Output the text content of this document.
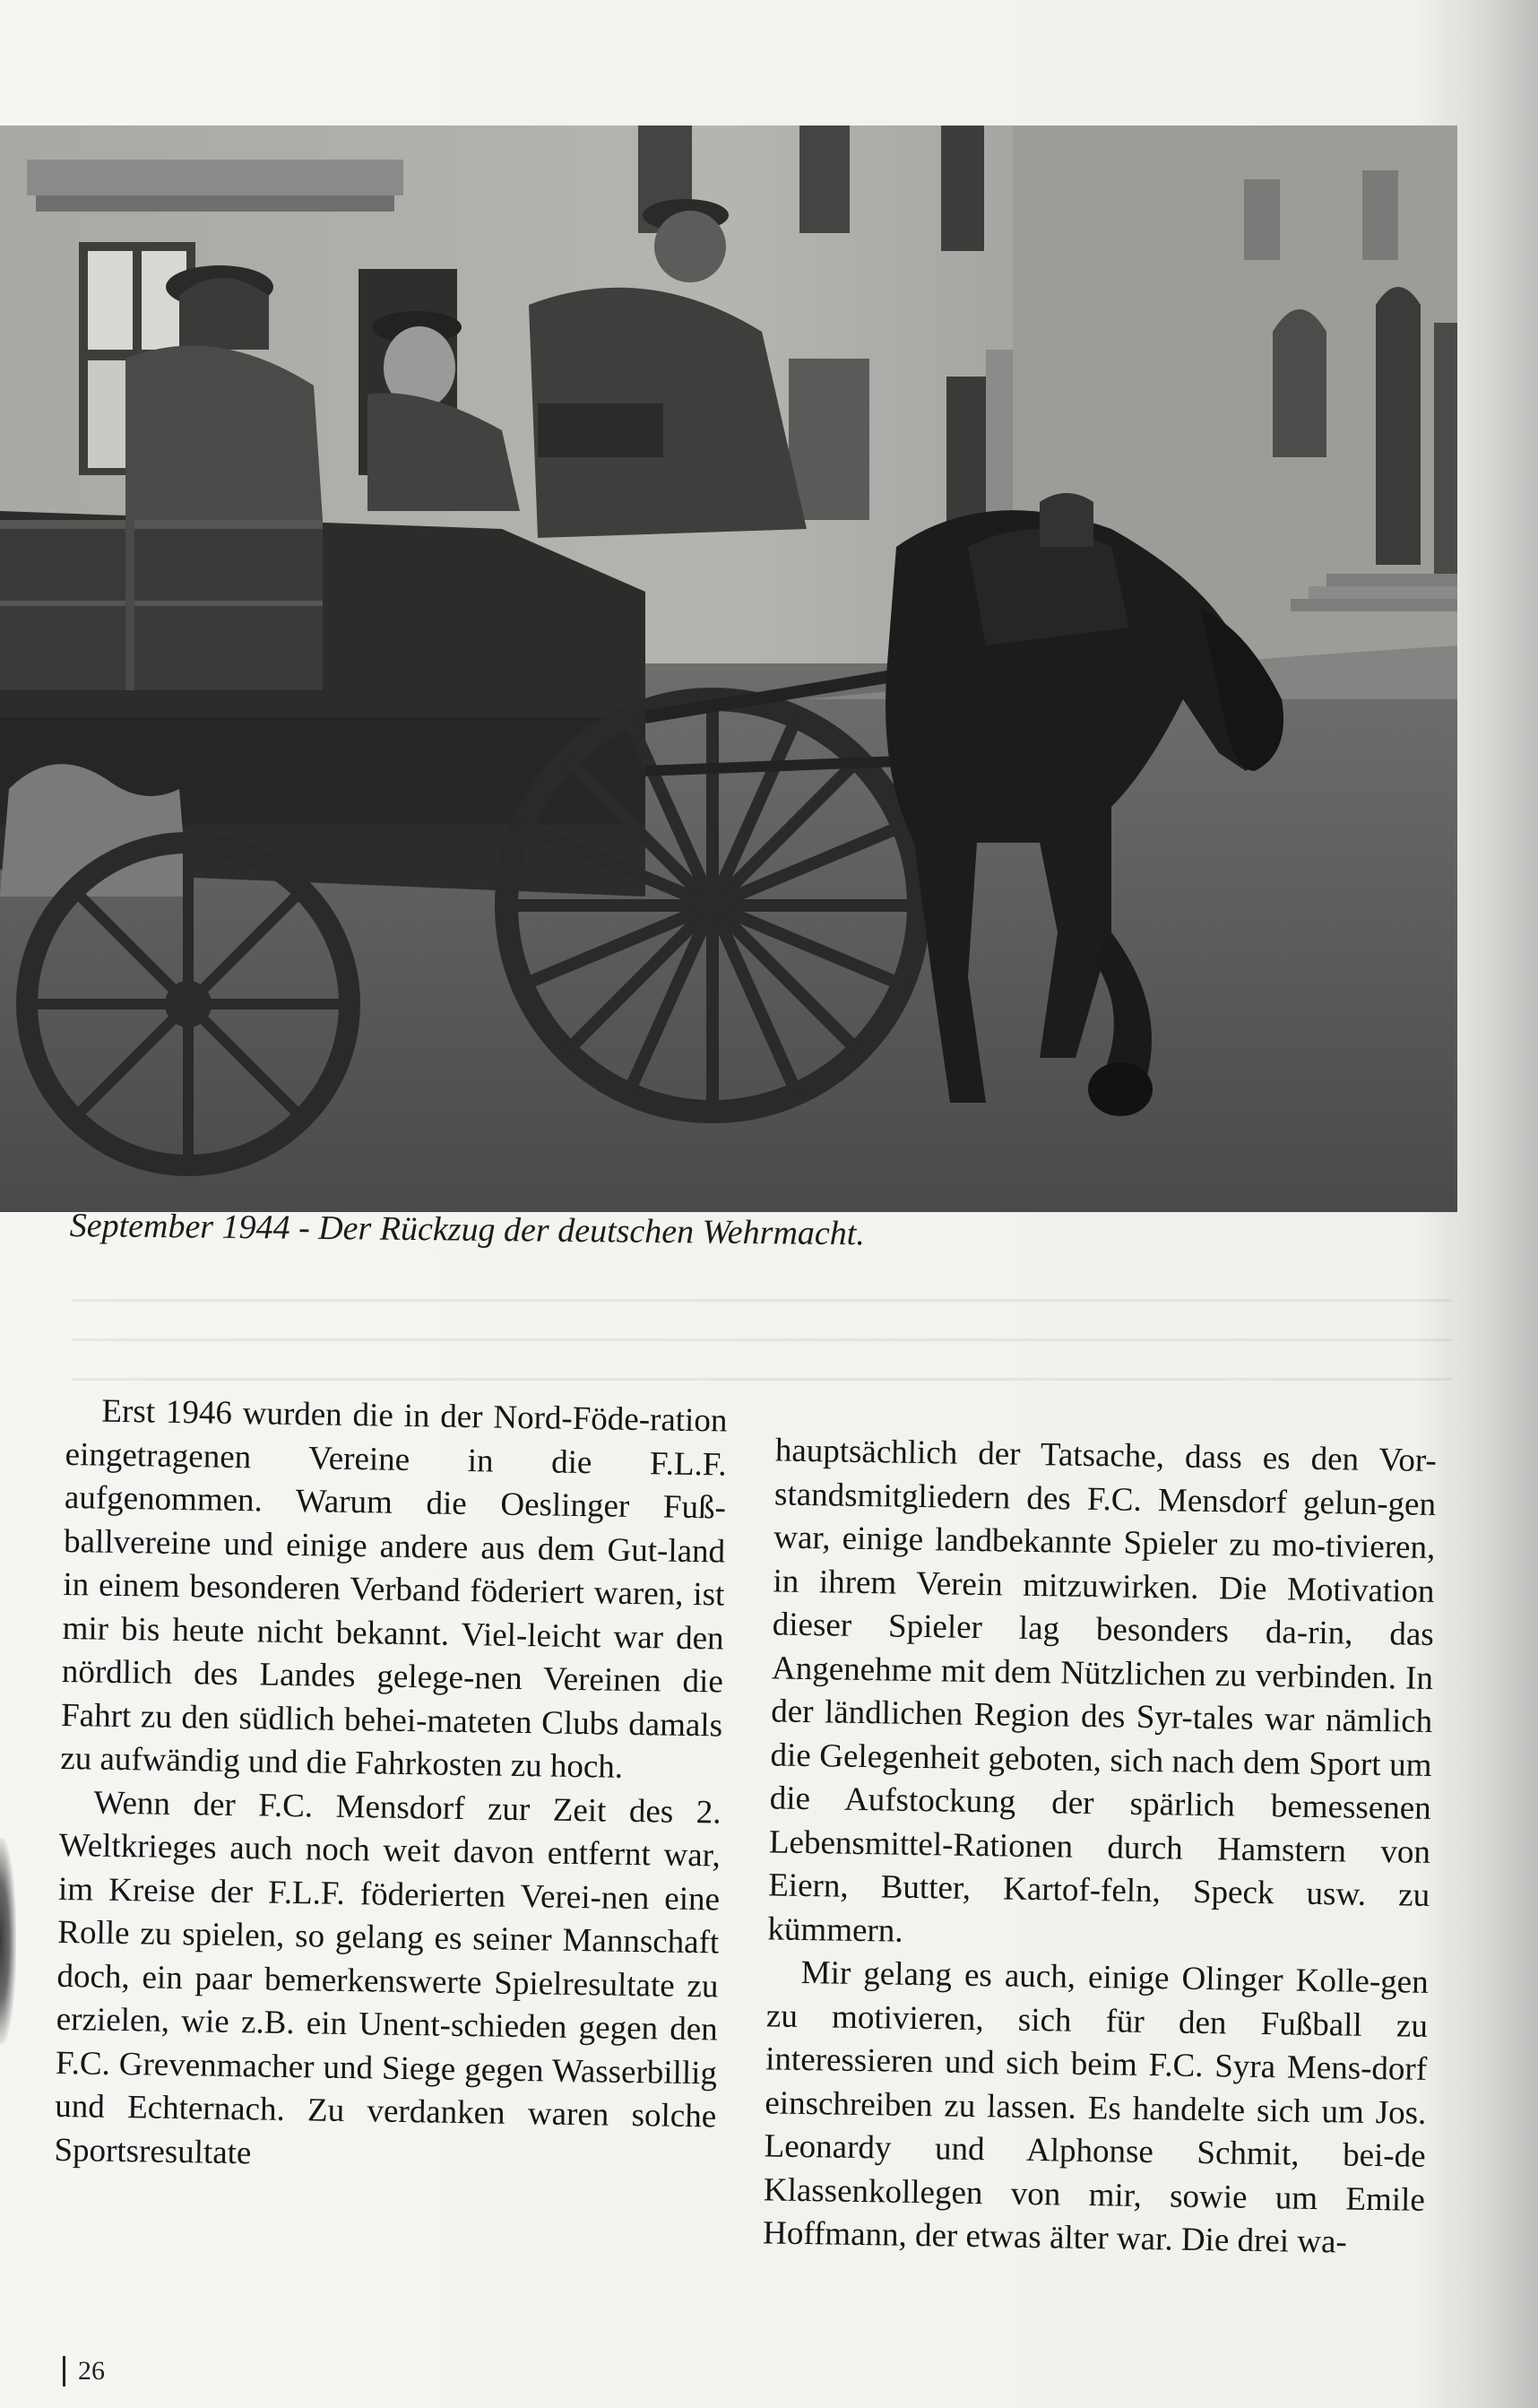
September 1944 - Der Rückzug der deutschen Wehrmacht.

Erst 1946 wurden die in der Nord-Föde-ration eingetragenen Vereine in die F.L.F. aufgenommen. Warum die Oeslinger Fuß-ballvereine und einige andere aus dem Gut-land in einem besonderen Verband föderiert waren, ist mir bis heute nicht bekannt. Viel-leicht war den nördlich des Landes gelege-nen Vereinen die Fahrt zu den südlich behei-mateten Clubs damals zu aufwändig und die Fahrkosten zu hoch.

Wenn der F.C. Mensdorf zur Zeit des 2. Weltkrieges auch noch weit davon entfernt war, im Kreise der F.L.F. föderierten Verei-nen eine Rolle zu spielen, so gelang es seiner Mannschaft doch, ein paar bemerkenswerte Spielresultate zu erzielen, wie z.B. ein Unent-schieden gegen den F.C. Grevenmacher und Siege gegen Wasserbillig und Echternach. Zu verdanken waren solche Sportsresultate

hauptsächlich der Tatsache, dass es den Vor-standsmitgliedern des F.C. Mensdorf gelun-gen war, einige landbekannte Spieler zu mo-tivieren, in ihrem Verein mitzuwirken. Die Motivation dieser Spieler lag besonders da-rin, das Angenehme mit dem Nützlichen zu verbinden. In der ländlichen Region des Syr-tales war nämlich die Gelegenheit geboten, sich nach dem Sport um die Aufstockung der spärlich bemessenen Lebensmittel-Rationen durch Hamstern von Eiern, Butter, Kartof-feln, Speck usw. zu kümmern.

Mir gelang es auch, einige Olinger Kolle-gen zu motivieren, sich für den Fußball zu interessieren und sich beim F.C. Syra Mens-dorf einschreiben zu lassen. Es handelte sich um Jos. Leonardy und Alphonse Schmit, bei-de Klassenkollegen von mir, sowie um Emile Hoffmann, der etwas älter war. Die drei wa-

26
